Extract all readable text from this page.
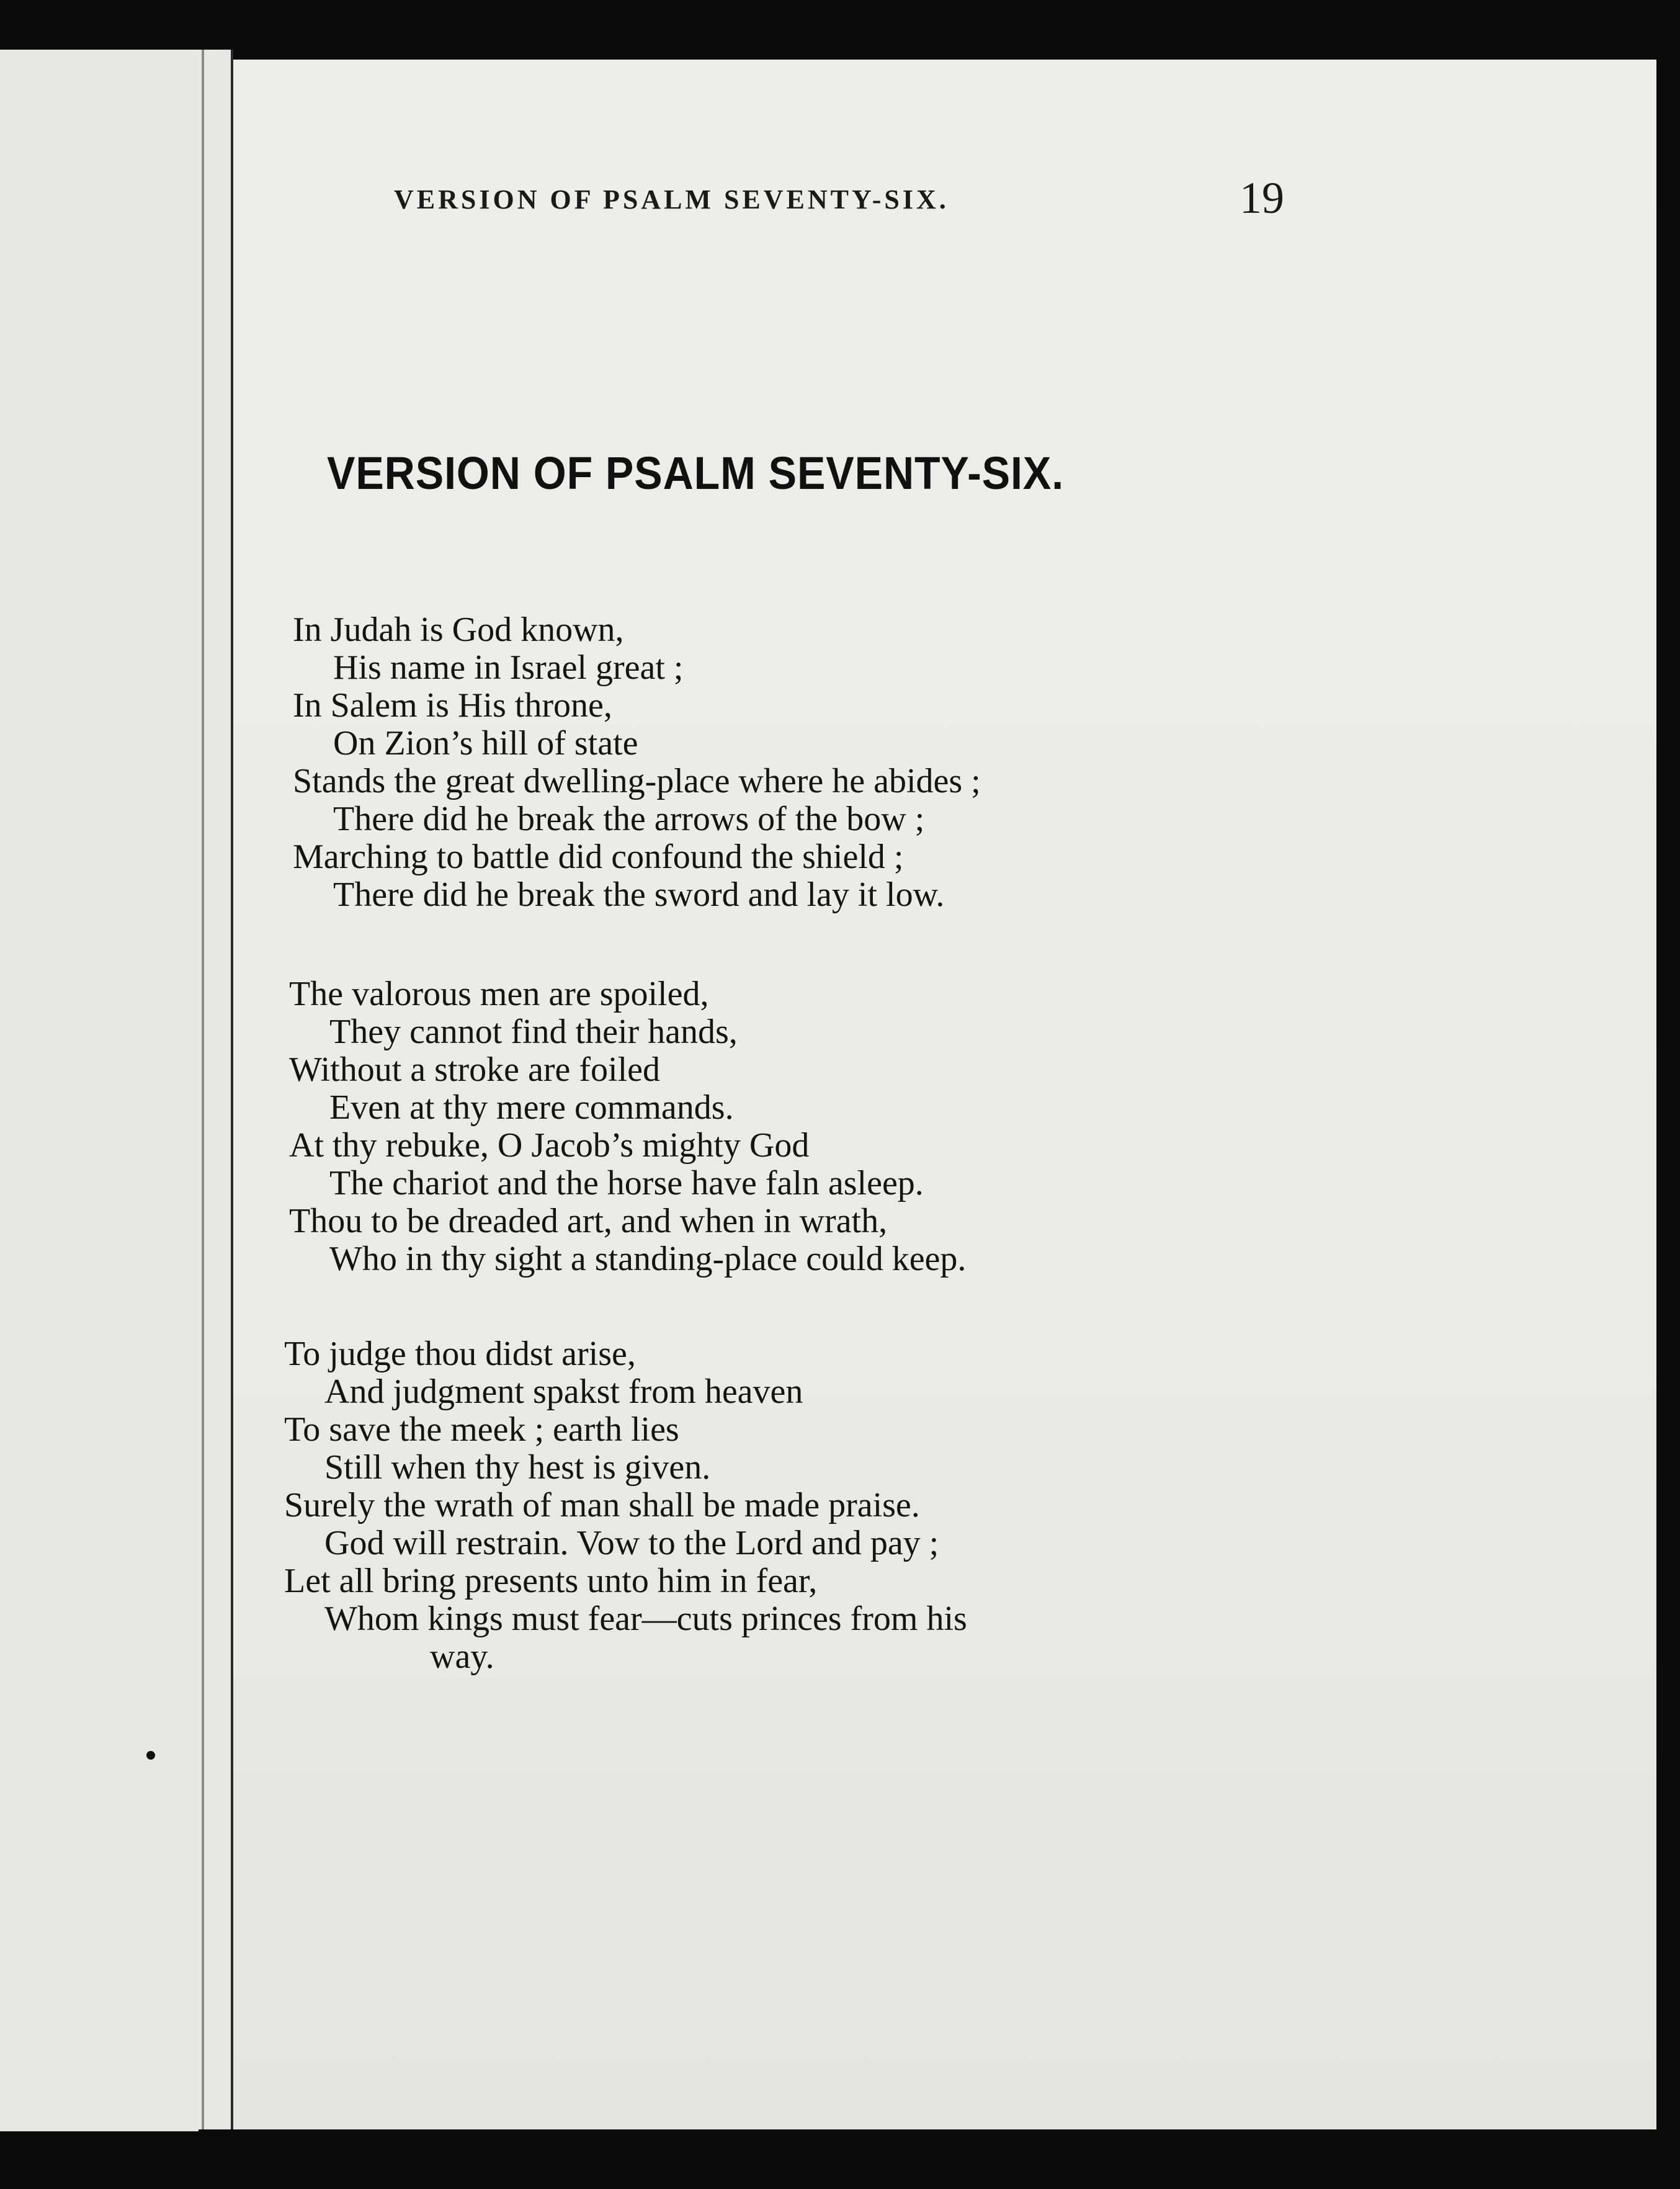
VERSION OF PSALM SEVENTY-SIX.	19
VERSION OF PSALM SEVENTY-SIX.
In Judah is God known,
His name in Israel great ;
In Salem is His throne,
On Zion’s hill of state
Stands the great dwelling-place where he abides ;
There did he break the arrows of the bow ;
Marching to battle did confound the shield ;
There did he break the sword and lay it low.
The valorous men are spoiled,
They cannot find their hands,
Without a stroke are foiled
Even at thy mere commands.
At thy rebuke, O Jacob’s mighty God
The chariot and the horse have faln asleep.
Thou to be dreaded art, and when in wrath,
Who in thy sight a standing-place could keep.
To judge thou didst arise,
And judgment spakst from heaven
To save the meek ; earth lies
Still when thy hest is given.
Surely the wrath of man shall be made praise.
God will restrain. Vow to the Lord and pay ;
Let all bring presents unto him in fear,
Whom kings must fear—cuts princes from his
way.
